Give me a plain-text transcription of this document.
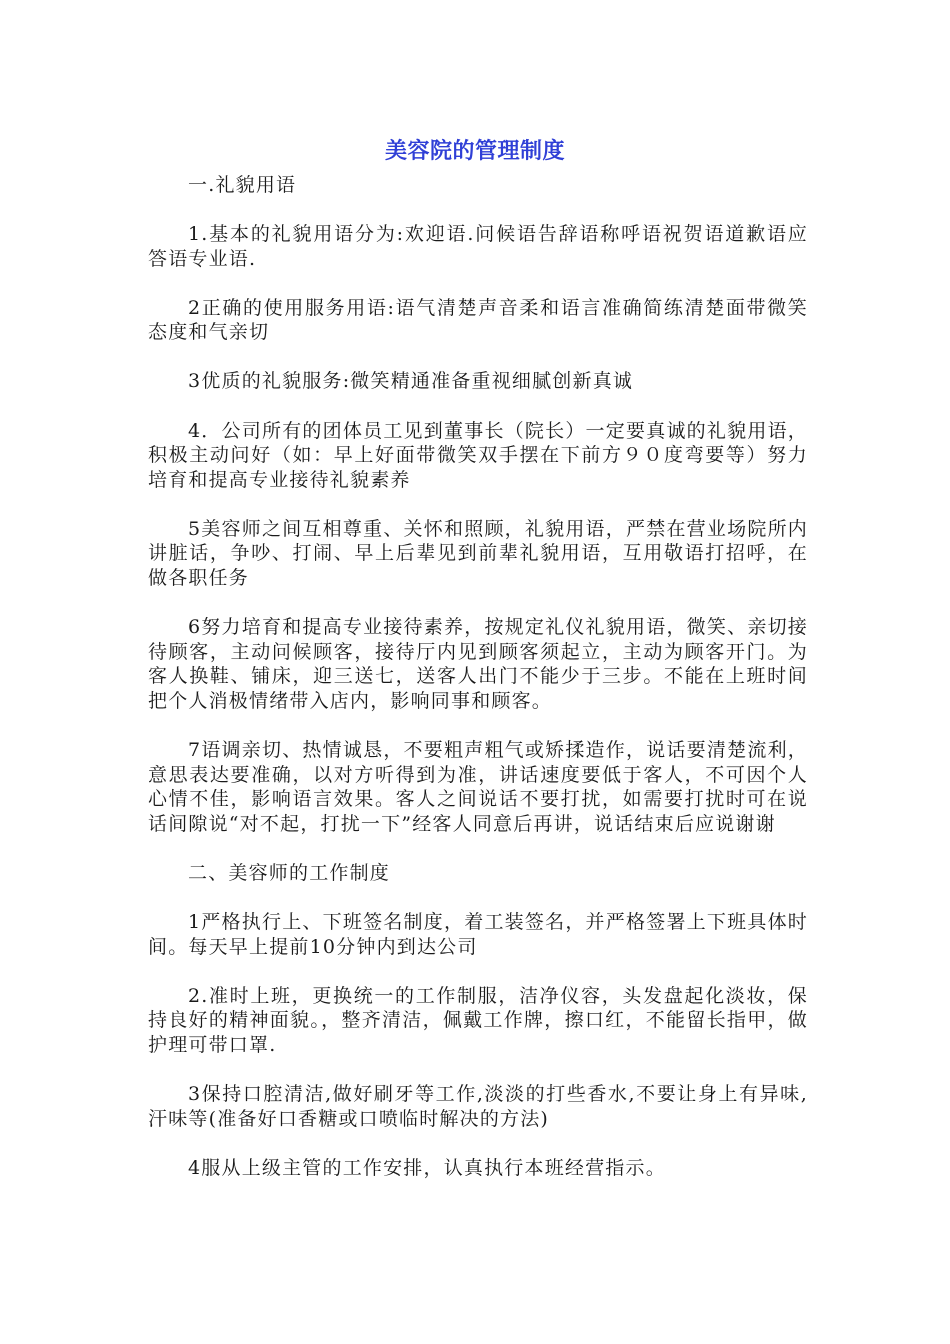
美容院的管理制度
一.礼貌用语
1.基本的礼貌用语分为:欢迎语.问候语告辞语称呼语祝贺语道歉语应答语专业语.
2正确的使用服务用语:语气清楚声音柔和语言准确简练清楚面带微笑态度和气亲切
3优质的礼貌服务:微笑精通准备重视细腻创新真诚
4．公司所有的团体员工见到董事长（院长）一定要真诚的礼貌用语，积极主动问好（如：早上好面带微笑双手摆在下前方９０度弯要等）努力培育和提高专业接待礼貌素养
5美容师之间互相尊重、关怀和照顾，礼貌用语，严禁在营业场院所内讲脏话，争吵、打闹、早上后辈见到前辈礼貌用语，互用敬语打招呼，在做各职任务
6努力培育和提高专业接待素养，按规定礼仪礼貌用语，微笑、亲切接待顾客，主动问候顾客，接待厅内见到顾客须起立，主动为顾客开门。为客人换鞋、铺床，迎三送七，送客人出门不能少于三步。不能在上班时间把个人消极情绪带入店内，影响同事和顾客。
7语调亲切、热情诚恳，不要粗声粗气或矫揉造作，说话要清楚流利，意思表达要准确，以对方听得到为准，讲话速度要低于客人，不可因个人心情不佳，影响语言效果。客人之间说话不要打扰，如需要打扰时可在说话间隙说“对不起，打扰一下”经客人同意后再讲，说话结束后应说谢谢
二、美容师的工作制度
1严格执行上、下班签名制度，着工装签名，并严格签署上下班具体时间。每天早上提前10分钟内到达公司
2.准时上班，更换统一的工作制服，洁净仪容，头发盘起化淡妆，保持良好的精神面貌。，整齐清洁，佩戴工作牌，擦口红，不能留长指甲，做护理可带口罩.
3保持口腔清洁,做好刷牙等工作,淡淡的打些香水,不要让身上有异味,汗味等(准备好口香糖或口喷临时解决的方法)
4服从上级主管的工作安排，认真执行本班经营指示。
